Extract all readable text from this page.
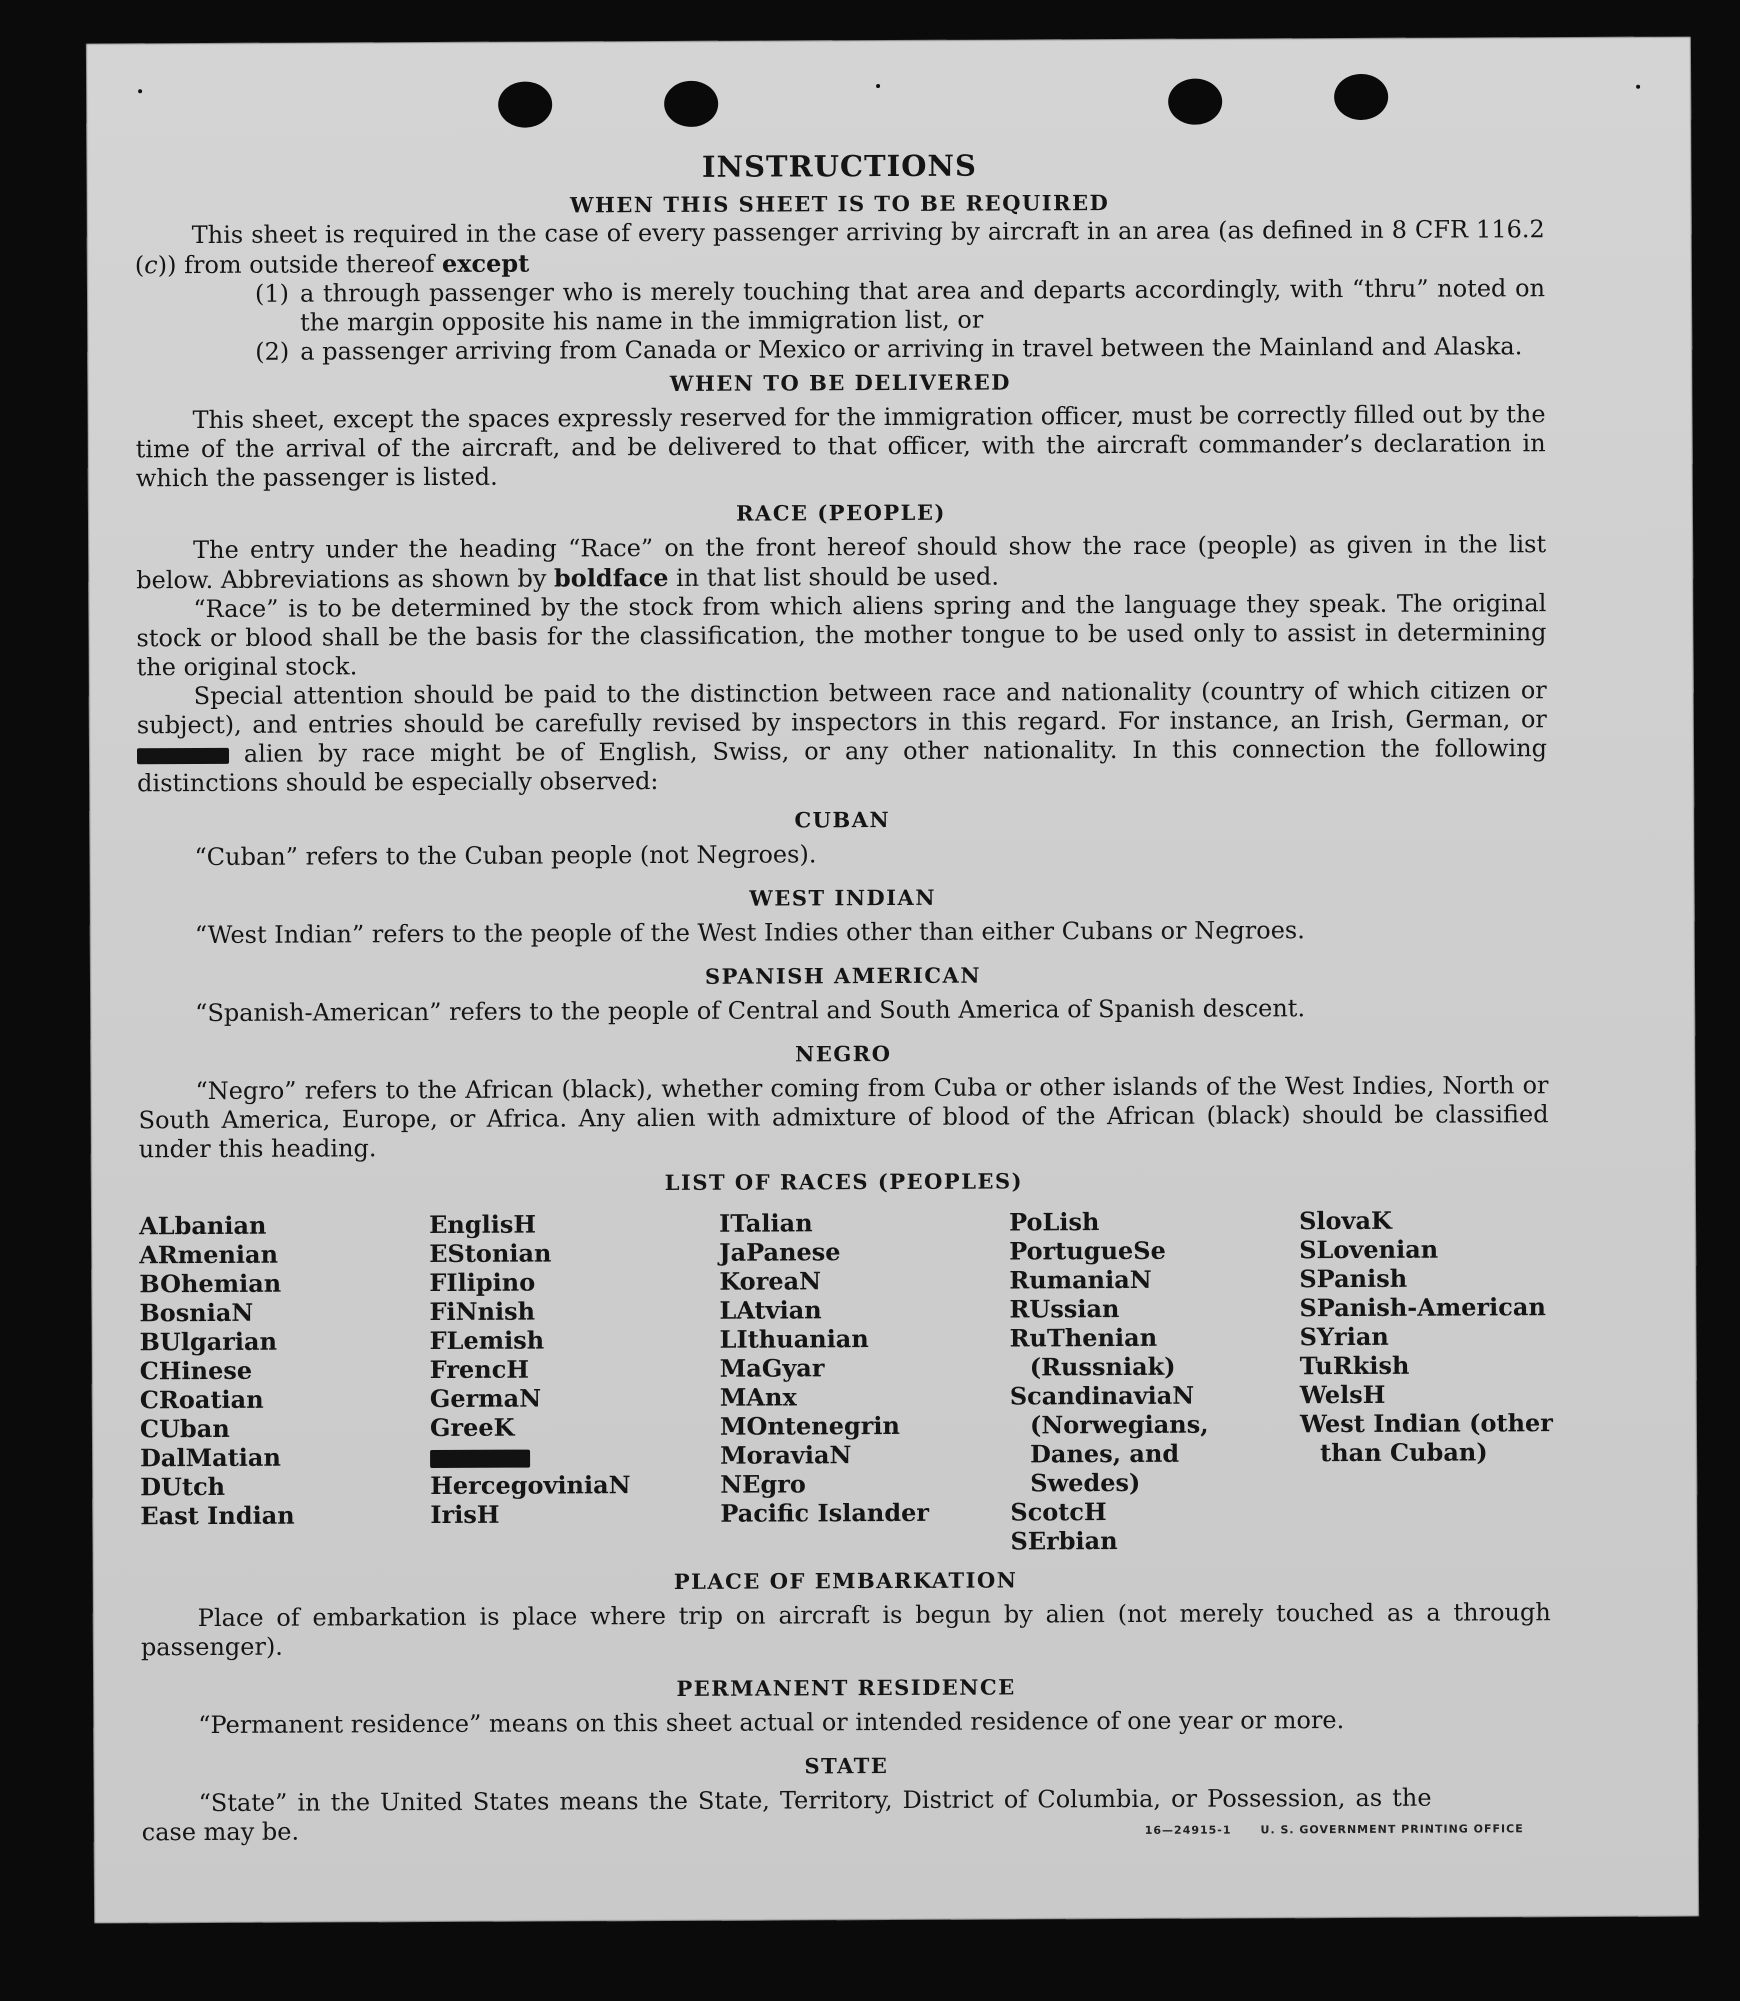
INSTRUCTIONS
WHEN THIS SHEET IS TO BE REQUIRED

This sheet is required in the case of every passenger arriving by aircraft in an area (as defined in 8 CFR 116.2 (c)) from outside thereof except

(1) a through passenger who is merely touching that area and departs accordingly, with “thru” noted on the margin opposite his name in the immigration list, or
(2) a passenger arriving from Canada or Mexico or arriving in travel between the Mainland and Alaska.
WHEN TO BE DELIVERED

This sheet, except the spaces expressly reserved for the immigration officer, must be correctly filled out by the time of the arrival of the aircraft, and be delivered to that officer, with the aircraft commander’s declaration in which the passenger is listed.

RACE (PEOPLE)

The entry under the heading “Race” on the front hereof should show the race (people) as given in the list below. Abbreviations as shown by boldface in that list should be used.

“Race” is to be determined by the stock from which aliens spring and the language they speak. The original stock or blood shall be the basis for the classification, the mother tongue to be used only to assist in determining the original stock.

Special attention should be paid to the distinction between race and nationality (country of which citizen or subject), and entries should be carefully revised by inspectors in this regard. For instance, an Irish, German, or  alien by race might be of English, Swiss, or any other nationality. In this connection the following distinctions should be especially observed:

CUBAN

“Cuban” refers to the Cuban people (not Negroes).

WEST INDIAN

“West Indian” refers to the people of the West Indies other than either Cubans or Negroes.

SPANISH AMERICAN

“Spanish-American” refers to the people of Central and South America of Spanish descent.

NEGRO

“Negro” refers to the African (black), whether coming from Cuba or other islands of the West Indies, North or South America, Europe, or Africa. Any alien with admixture of blood of the African (black) should be classified under this heading.

LIST OF RACES (PEOPLES)
ALbanian
ARmenian
BOhemian
BosniaN
BUlgarian
CHinese
CRoatian
CUban
DalMatian
DUtch
East Indian
EnglisH
EStonian
FIlipino
FiNnish
FLemish
FrencH
GermaN
GreeK
HercegoviniaN
IrisH
ITalian
JaPanese
KoreaN
LAtvian
LIthuanian
MaGyar
MAnx
MOntenegrin
MoraviaN
NEgro
Pacific Islander
PoLish
PortugueSe
RumaniaN
RUssian
RuThenian (Russniak)
ScandinaviaN (Norwegians, Danes, and Swedes)
ScotcH
SErbian
SlovaK
SLovenian
SPanish
SPanish-American
SYrian
TuRkish
WelsH
West Indian (other than Cuban)
PLACE OF EMBARKATION

Place of embarkation is place where trip on aircraft is begun by alien (not merely touched as a through passenger).

PERMANENT RESIDENCE

“Permanent residence” means on this sheet actual or intended residence of one year or more.

STATE

“State” in the United States means the State, Territory, District of Columbia, or Possession, as the case may be.	16—24915-1	U. S. GOVERNMENT PRINTING OFFICE
